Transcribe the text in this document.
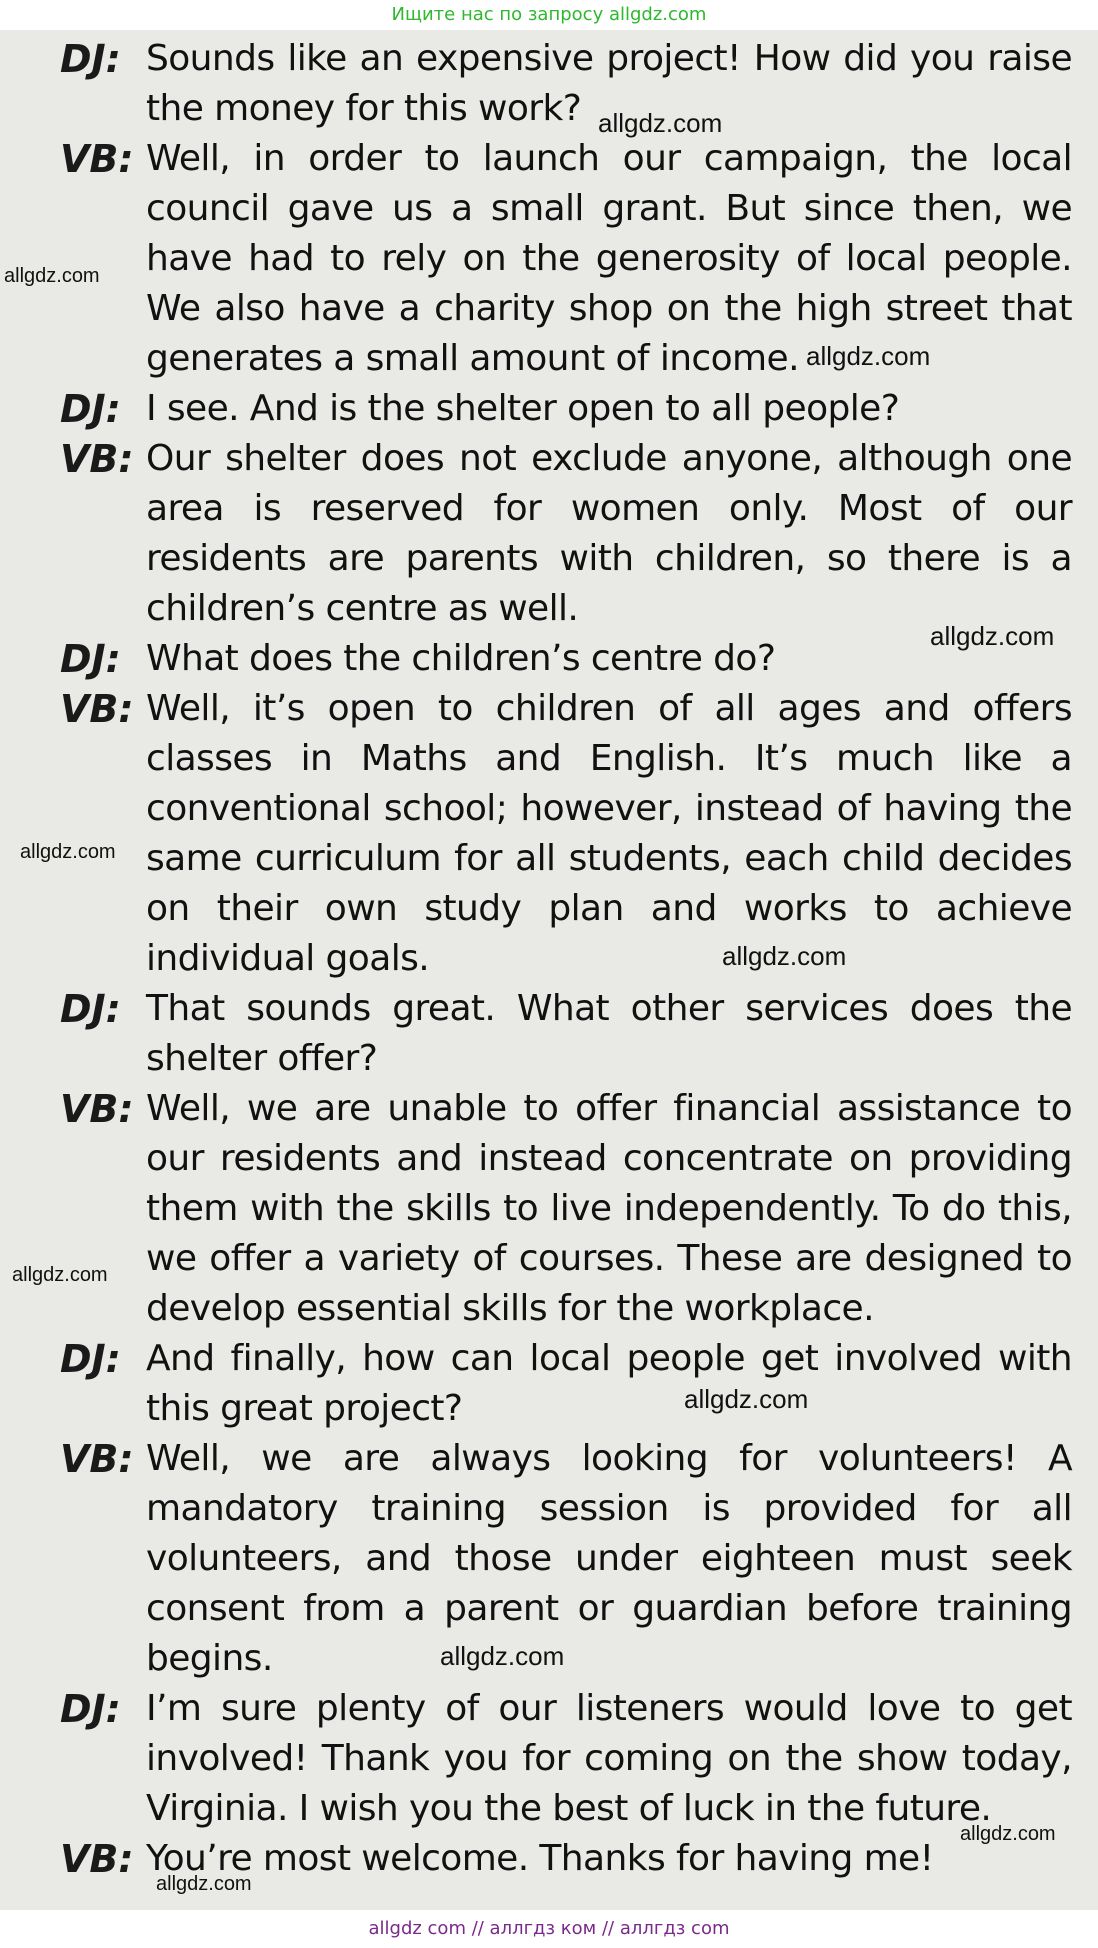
Ищите нас по запросу allgdz.com
DJ: Sounds like an expensive project! How did you raise the money for this work?
VB: Well, in order to launch our campaign, the local council gave us a small grant. But since then, we have had to rely on the generosity of local people. We also have a charity shop on the high street that generates a small amount of income.
DJ: I see. And is the shelter open to all people?
VB: Our shelter does not exclude anyone, although one area is reserved for women only. Most of our residents are parents with children, so there is a children’s centre as well.
DJ: What does the children’s centre do?
VB: Well, it’s open to children of all ages and offers classes in Maths and English. It’s much like a conventional school; however, instead of having the same curriculum for all students, each child decides on their own study plan and works to achieve individual goals.
DJ: That sounds great. What other services does the shelter offer?
VB: Well, we are unable to offer financial assistance to our residents and instead concentrate on providing them with the skills to live independently. To do this, we offer a variety of courses. These are designed to develop essential skills for the workplace.
DJ: And finally, how can local people get involved with this great project?
VB: Well, we are always looking for volunteers! A mandatory training session is provided for all volunteers, and those under eighteen must seek consent from a parent or guardian before training begins.
DJ: I’m sure plenty of our listeners would love to get involved! Thank you for coming on the show today, Virginia. I wish you the best of luck in the future.
VB: You’re most welcome. Thanks for having me!
allgdz.com
allgdz.com
allgdz.com
allgdz.com
allgdz.com
allgdz.com
allgdz.com
allgdz.com
allgdz.com
allgdz.com
allgdz.com
allgdz com // аллгдз ком // аллгдз com
